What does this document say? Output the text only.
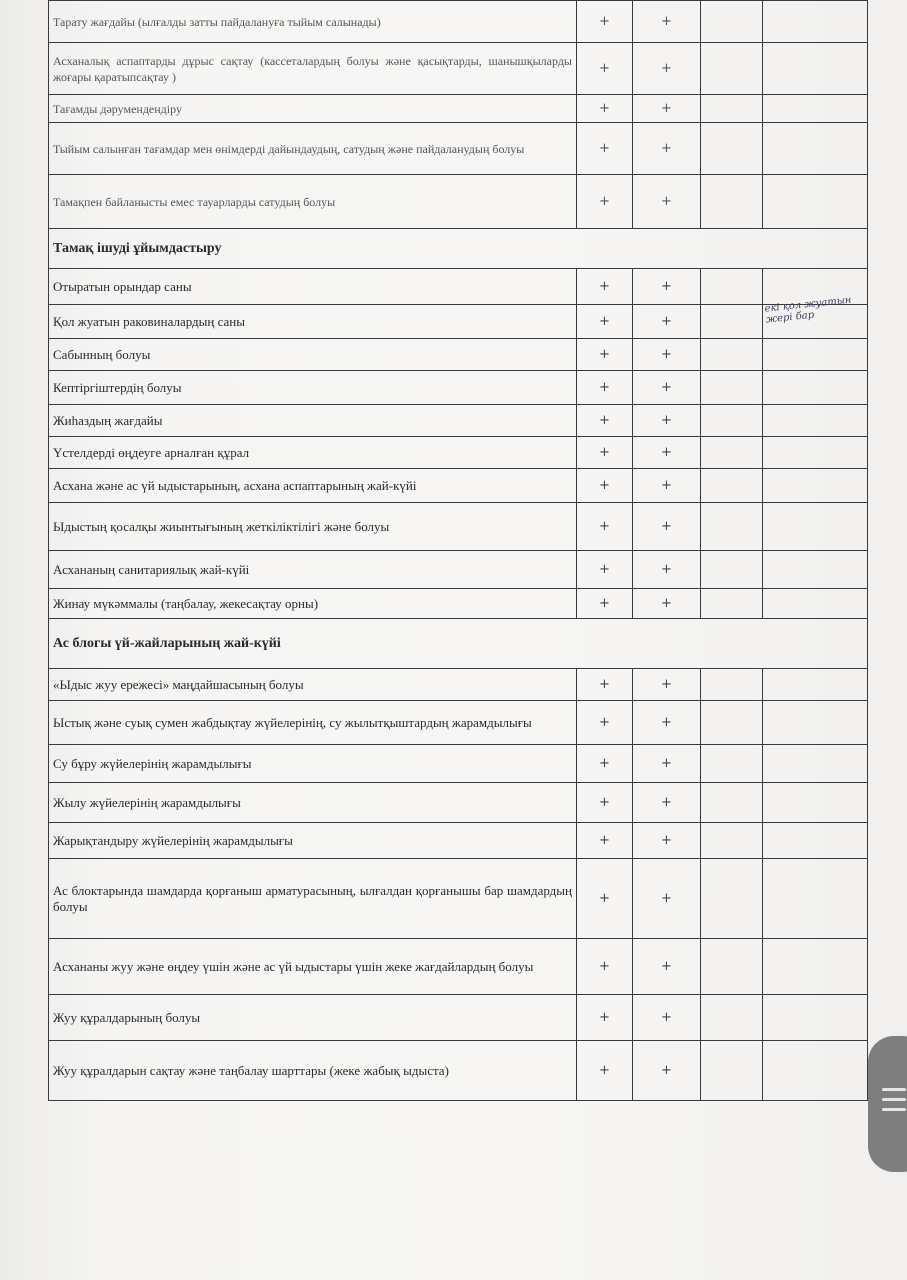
Тарату жағдайы (ылғалды затты пайдалануға тыйым салынады)	+	+		
Асханалық аспаптарды дұрыс сақтау (кассеталардың болуы және қасықтарды, шанышқыларды жоғары қаратыпсақтау )	+	+		
Тағамды дәрумендендіру	+	+		
Тыйым салынған тағамдар мен өнімдерді дайындаудың, сатудың және пайдаланудың болуы	+	+		
Тамақпен байланысты емес тауарларды сатудың болуы	+	+		
Тамақ ішуді ұйымдастыру				
Отыратын орындар саны	+	+		
Қол жуатын раковиналардың саны	+	+		екі қол жуатын жері бар

Сабынның болуы	+	+		
Кептіргіштердің болуы	+	+		
Жиһаздың жағдайы	+	+		
Үстелдерді өңдеуге арналған құрал	+	+		
Асхана және ас үй ыдыстарының, асхана аспаптарының жай-күйі	+	+		
Ыдыстың қосалқы жиынтығының жеткіліктілігі және болуы	+	+		
Асхананың санитариялық жай-күйі	+	+		
Жинау мүкәммалы (таңбалау, жекесақтау орны)	+	+		
Ас блогы үй-жайларының жай-күйі				
«Ыдыс жуу ережесі» маңдайшасының болуы	+	+		
Ыстық және суық сумен жабдықтау жүйелерінің, су жылытқыштардың жарамдылығы	+	+		
Су бұру жүйелерінің жарамдылығы	+	+		
Жылу жүйелерінің жарамдылығы	+	+		
Жарықтандыру жүйелерінің жарамдылығы	+	+		
Ас блоктарында шамдарда қорғаныш арматурасының, ылғалдан қорғанышы бар шамдардың болуы	+	+		
Асхананы жуу және өңдеу үшін және ас үй ыдыстары үшін жеке жағдайлардың болуы	+	+		
Жуу құралдарының болуы	+	+		
Жуу құралдарын сақтау және таңбалау шарттары (жеке жабық ыдыста)	+	+		
